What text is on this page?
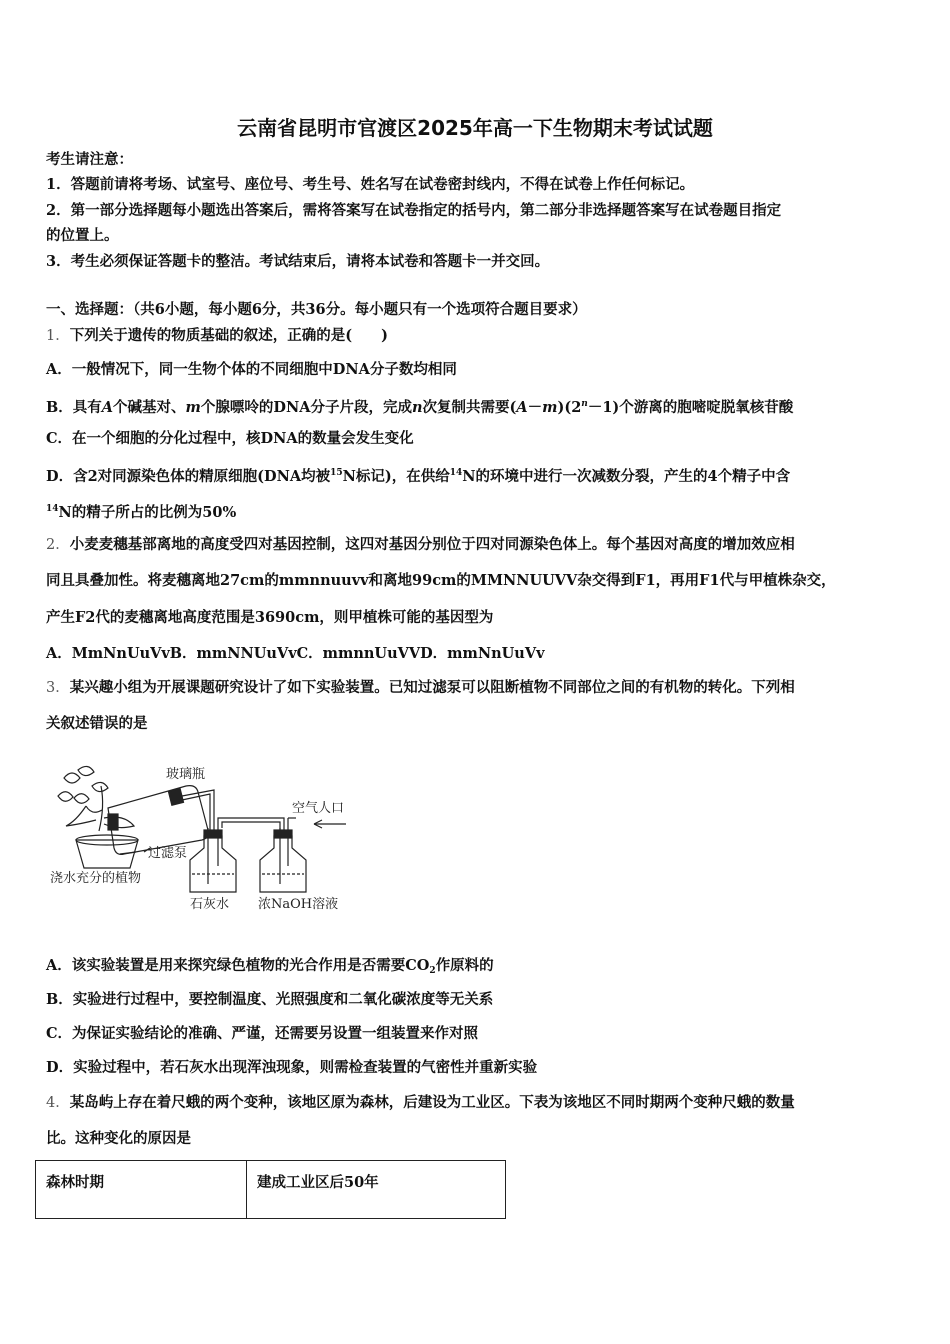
云南省昆明市官渡区2025年高一下生物期末考试试题
考生请注意：
1．答题前请将考场、试室号、座位号、考生号、姓名写在试卷密封线内，不得在试卷上作任何标记。
2．第一部分选择题每小题选出答案后，需将答案写在试卷指定的括号内，第二部分非选择题答案写在试卷题目指定
的位置上。
3．考生必须保证答题卡的整洁。考试结束后，请将本试卷和答题卡一并交回。
一、选择题：（共6小题，每小题6分，共36分。每小题只有一个选项符合题目要求）
1．下列关于遗传的物质基础的叙述，正确的是(　　)
A．一般情况下，同一生物个体的不同细胞中DNA分子数均相同
B．具有A个碱基对、m个腺嘌呤的DNA分子片段，完成n次复制共需要$(A-m)(2^n-1)$个游离的胞嘧啶脱氧核苷酸
C．在一个细胞的分化过程中，核DNA的数量会发生变化
D．含2对同源染色体的精原细胞(DNA均被$^{15}$N标记)，在供给$^{14}$N的环境中进行一次减数分裂，产生的4个精子中含
$^{14}$N的精子所占的比例为50%
2．小麦麦穗基部离地的高度受四对基因控制，这四对基因分别位于四对同源染色体上。每个基因对高度的增加效应相
同且具叠加性。将麦穗离地27cm的mmnnuuvv和离地99cm的MMNNUUVV杂交得到F1，再用F1代与甲植株杂交，
产生F2代的麦穗离地高度范围是3690cm，则甲植株可能的基因型为
A．MmNnUuVvB．mmNNUuVvC．mmnnUuVVD．mmNnUuVv
3．某兴趣小组为开展课题研究设计了如下实验装置。已知过滤泵可以阻断植物不同部位之间的有机物的转化。下列相
关叙述错误的是
玻璃瓶
空气人口
过滤泵
浇水充分的植物
石灰水 浓NaOH溶液
A．该实验装置是用来探究绿色植物的光合作用是否需要$CO_2$作原料的
B．实验进行过程中，要控制温度、光照强度和二氧化碳浓度等无关系
C．为保证实验结论的准确、严谨，还需要另设置一组装置来作对照
D．实验过程中，若石灰水出现浑浊现象，则需检查装置的气密性并重新实验
4．某岛屿上存在着尺蛾的两个变种，该地区原为森林，后建设为工业区。下表为该地区不同时期两个变种尺蛾的数量
比。这种变化的原因是
森林时期	建成工业区后50年
